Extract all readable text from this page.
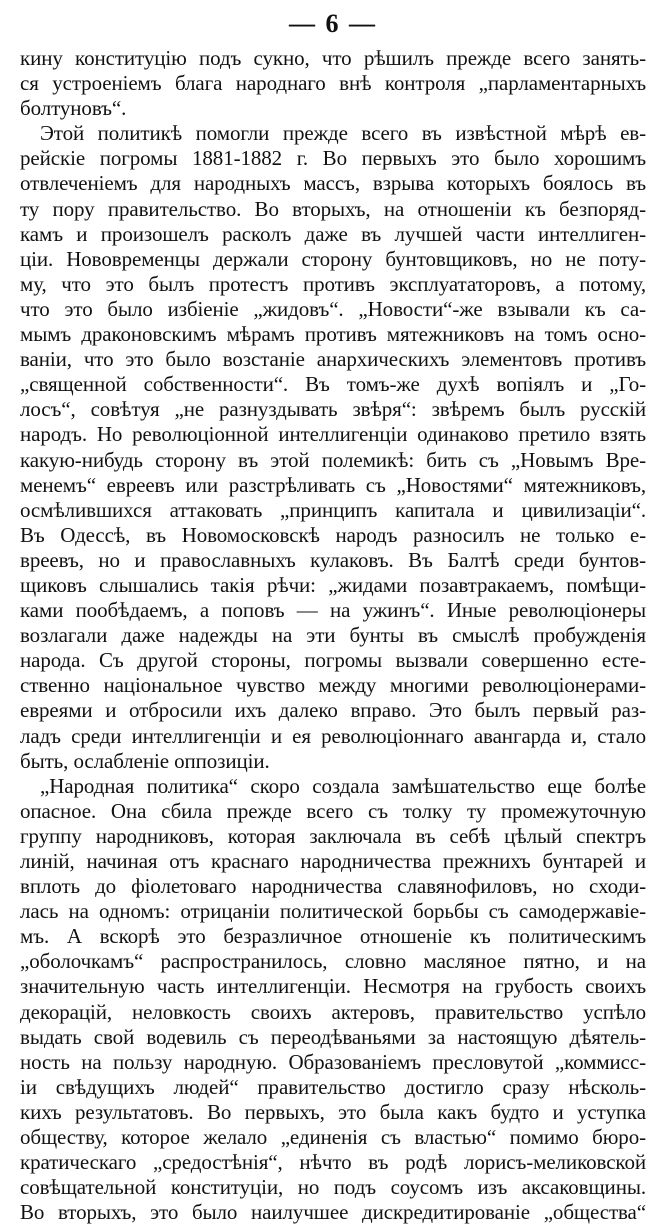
— 6 —
кину конституцію подъ сукно, что рѣшилъ прежде всего занять-
ся устроеніемъ блага народнаго внѣ контроля „парламентарныхъ
болтуновъ“.
Этой политикѣ помогли прежде всего въ извѣстной мѣрѣ ев-
рейскіе погромы 1881-1882 г. Во первыхъ это было хорошимъ
отвлеченіемъ для народныхъ массъ, взрыва которыхъ боялось въ
ту пору правительство. Во вторыхъ, на отношеніи къ безпоряд-
камъ и произошелъ расколъ даже въ лучшей части интеллиген-
ціи. Нововременцы держали сторону бунтовщиковъ, но не поту-
му, что это былъ протестъ противъ эксплуататоровъ, а потому,
что это было избіеніе „жидовъ“. „Новости“-же взывали къ са-
мымъ драконовскимъ мѣрамъ противъ мятежниковъ на томъ осно-
ваніи, что это было возстаніе анархическихъ элементовъ противъ
„священной собственности“. Въ томъ-же духѣ вопіялъ и „Го-
лосъ“, совѣтуя „не разнуздывать звѣря“: звѣремъ былъ русскій
народъ. Но революціонной интеллигенціи одинаково претило взять
какую-нибудь сторону въ этой полемикѣ: бить съ „Новымъ Вре-
менемъ“ евреевъ или разстрѣливать съ „Новостями“ мятежниковъ,
осмѣлившихся аттаковать „принципъ капитала и цивилизаціи“.
Въ Одессѣ, въ Новомосковскѣ народъ разносилъ не только е-
вреевъ, но и православныхъ кулаковъ. Въ Балтѣ среди бунтов-
щиковъ слышались такія рѣчи: „жидами позавтракаемъ, помѣщи-
ками пообѣдаемъ, а поповъ — на ужинъ“. Иные революціонеры
возлагали даже надежды на эти бунты въ смыслѣ пробужденія
народа. Съ другой стороны, погромы вызвали совершенно есте-
ственно національное чувство между многими революціонерами-
евреями и отбросили ихъ далеко вправо. Это былъ первый раз-
ладъ среди интеллигенціи и ея революціоннаго авангарда и, стало
быть, ослабленіе оппозиціи.
„Народная политика“ скоро создала замѣшательство еще болѣе
опасное. Она сбила прежде всего съ толку ту промежуточную
группу народниковъ, которая заключала въ себѣ цѣлый спектръ
линій, начиная отъ краснаго народничества прежнихъ бунтарей и
вплоть до фіолетоваго народничества славянофиловъ, но сходи-
лась на одномъ: отрицаніи политической борьбы съ самодержавіе-
мъ. А вскорѣ это безразличное отношеніе къ политическимъ
„оболочкамъ“ распространилось, словно масляное пятно, и на
значительную часть интеллигенціи. Несмотря на грубость своихъ
декорацій, неловкость своихъ актеровъ, правительство успѣло
выдать свой водевиль съ переодѣваньями за настоящую дѣятель-
ность на пользу народную. Образованіемъ пресловутой „коммисс-
іи свѣдущихъ людей“ правительство достигло сразу нѣсколь-
кихъ результатовъ. Во первыхъ, это была какъ будто и уступка
обществу, которое желало „единенія съ властью“ помимо бюро-
кратическаго „средостѣнія“, нѣчто въ родѣ лорисъ-меликовской
совѣщательной конституціи, но подъ соусомъ изъ аксаковщины.
Во вторыхъ, это было наилучшее дискредитированіе „общества“
